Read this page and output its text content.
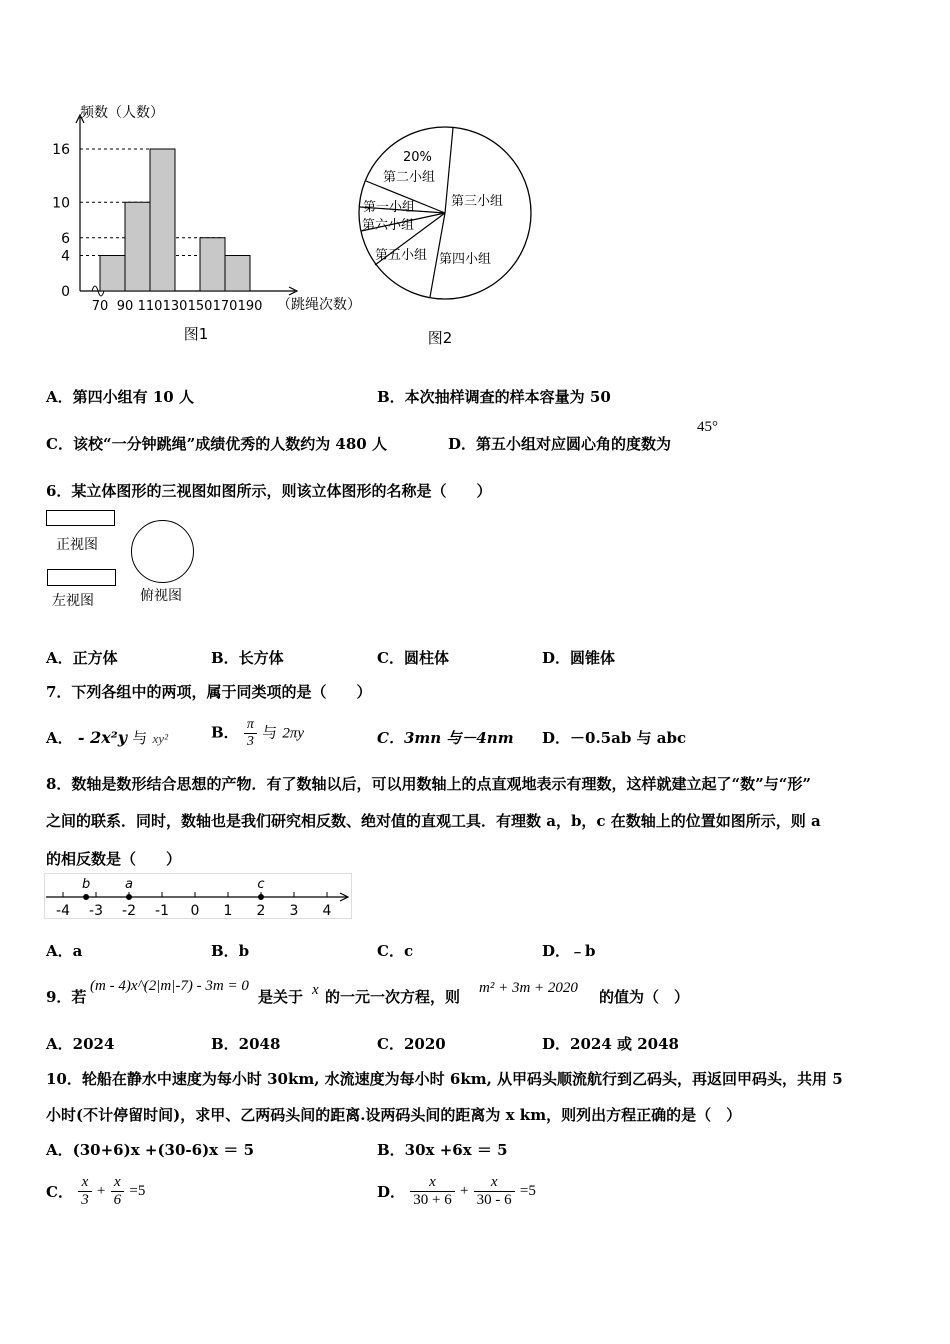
0
4
6
10
16
70 90 110 130 150 170 190
图1
频数（人数）
（跳绳次数）
20%
第二小组
第三小组
第一小组
第六小组
第五小组 第四小组
图2
A．第四小组有 10 人	B．本次抽样调查的样本容量为 50
C．该校“一分钟跳绳”成绩优秀的人数约为 480 人	D．第五小组对应圆心角的度数为
45°
6．某立体图形的三视图如图所示，则该立体图形的名称是（　　）
正视图
左视图	俯视图
A．正方体	B．长方体	C．圆柱体	D．圆锥体
7．下列各组中的两项，属于同类项的是（　　）
A． - 2x²y 与 xy²	B． $\frac{\pi}{3}$ 与 2πy	C．3mn 与－4nm D．－0.5ab 与 abc
8．数轴是数形结合思想的产物．有了数轴以后，可以用数轴上的点直观地表示有理数，这样就建立起了“数”与“形”
之间的联系．同时，数轴也是我们研究相反数、绝对值的直观工具．有理数 a，b，c 在数轴上的位置如图所示，则 a
的相反数是（　　）
-4 -3 -2 -1 0 1 2 3 4
b	a	c
A．a	B．b	C．c	D．﹣b
9．若
(m - 4)x^(2|m|-7) - 3m = 0
是关于 x 的一元一次方程，则 m² + 3m + 2020 的值为（　）
A．2024	B．2048	C．2020	D．2024 或 2048
10．轮船在静水中速度为每小时 30km, 水流速度为每小时 6km, 从甲码头顺流航行到乙码头，再返回甲码头，共用 5
小时(不计停留时间)，求甲、乙两码头间的距离.设两码头间的距离为 x km，则列出方程正确的是（　）
A．(30+6)x +(30-6)x ＝ 5	B．30x +6x ＝ 5
C． $\frac{x}{3} + \frac{x}{6} =5$	D． $\frac{x}{30 + 6} + \frac{x}{30 - 6} =5$
